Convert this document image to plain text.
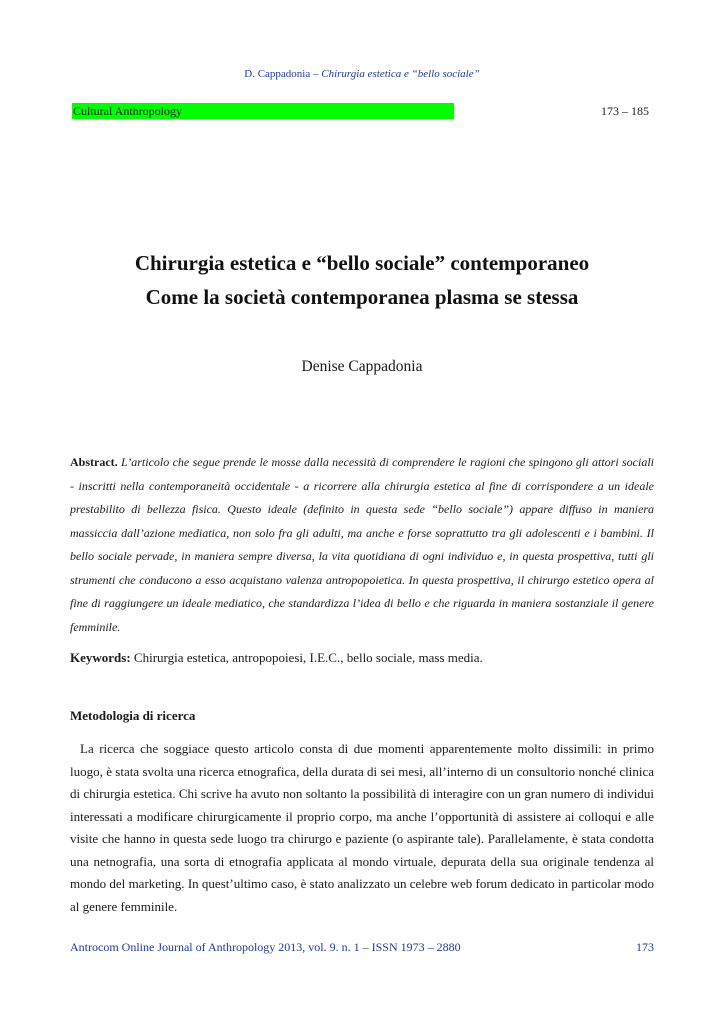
D. Cappadonia – Chirurgia estetica e “bello sociale”
Cultural Anthropology	173 – 185
Chirurgia estetica e “bello sociale” contemporaneo
Come la società contemporanea plasma se stessa
Denise Cappadonia
Abstract. L’articolo che segue prende le mosse dalla necessità di comprendere le ragioni che spingono gli attori sociali - inscritti nella contemporaneità occidentale - a ricorrere alla chirurgia estetica al fine di corrispondere a un ideale prestabilito di bellezza fisica. Questo ideale (definito in questa sede “bello sociale”) appare diffuso in maniera massiccia dall’azione mediatica, non solo fra gli adulti, ma anche e forse soprattutto tra gli adolescenti e i bambini. Il bello sociale pervade, in maniera sempre diversa, la vita quotidiana di ogni individuo e, in questa prospettiva, tutti gli strumenti che conducono a esso acquistano valenza antropopoietica. In questa prospettiva, il chirurgo estetico opera al fine di raggiungere un ideale mediatico, che standardizza l’idea di bello e che riguarda in maniera sostanziale il genere femminile.
Keywords: Chirurgia estetica, antropopoiesi, I.E.C., bello sociale, mass media.
Metodologia di ricerca
La ricerca che soggiace questo articolo consta di due momenti apparentemente molto dissimili: in primo luogo, è stata svolta una ricerca etnografica, della durata di sei mesi, all’interno di un consultorio nonché clinica di chirurgia estetica. Chi scrive ha avuto non soltanto la possibilità di interagire con un gran numero di individui interessati a modificare chirurgicamente il proprio corpo, ma anche l’opportunità di assistere ai colloqui e alle visite che hanno in questa sede luogo tra chirurgo e paziente (o aspirante tale). Parallelamente, è stata condotta una netnografia, una sorta di etnografia applicata al mondo virtuale, depurata della sua originale tendenza al mondo del marketing. In quest’ultimo caso, è stato analizzato un celebre web forum dedicato in particolar modo al genere femminile.
Antrocom Online Journal of Anthropology 2013, vol. 9. n. 1 – ISSN 1973 – 2880	173
